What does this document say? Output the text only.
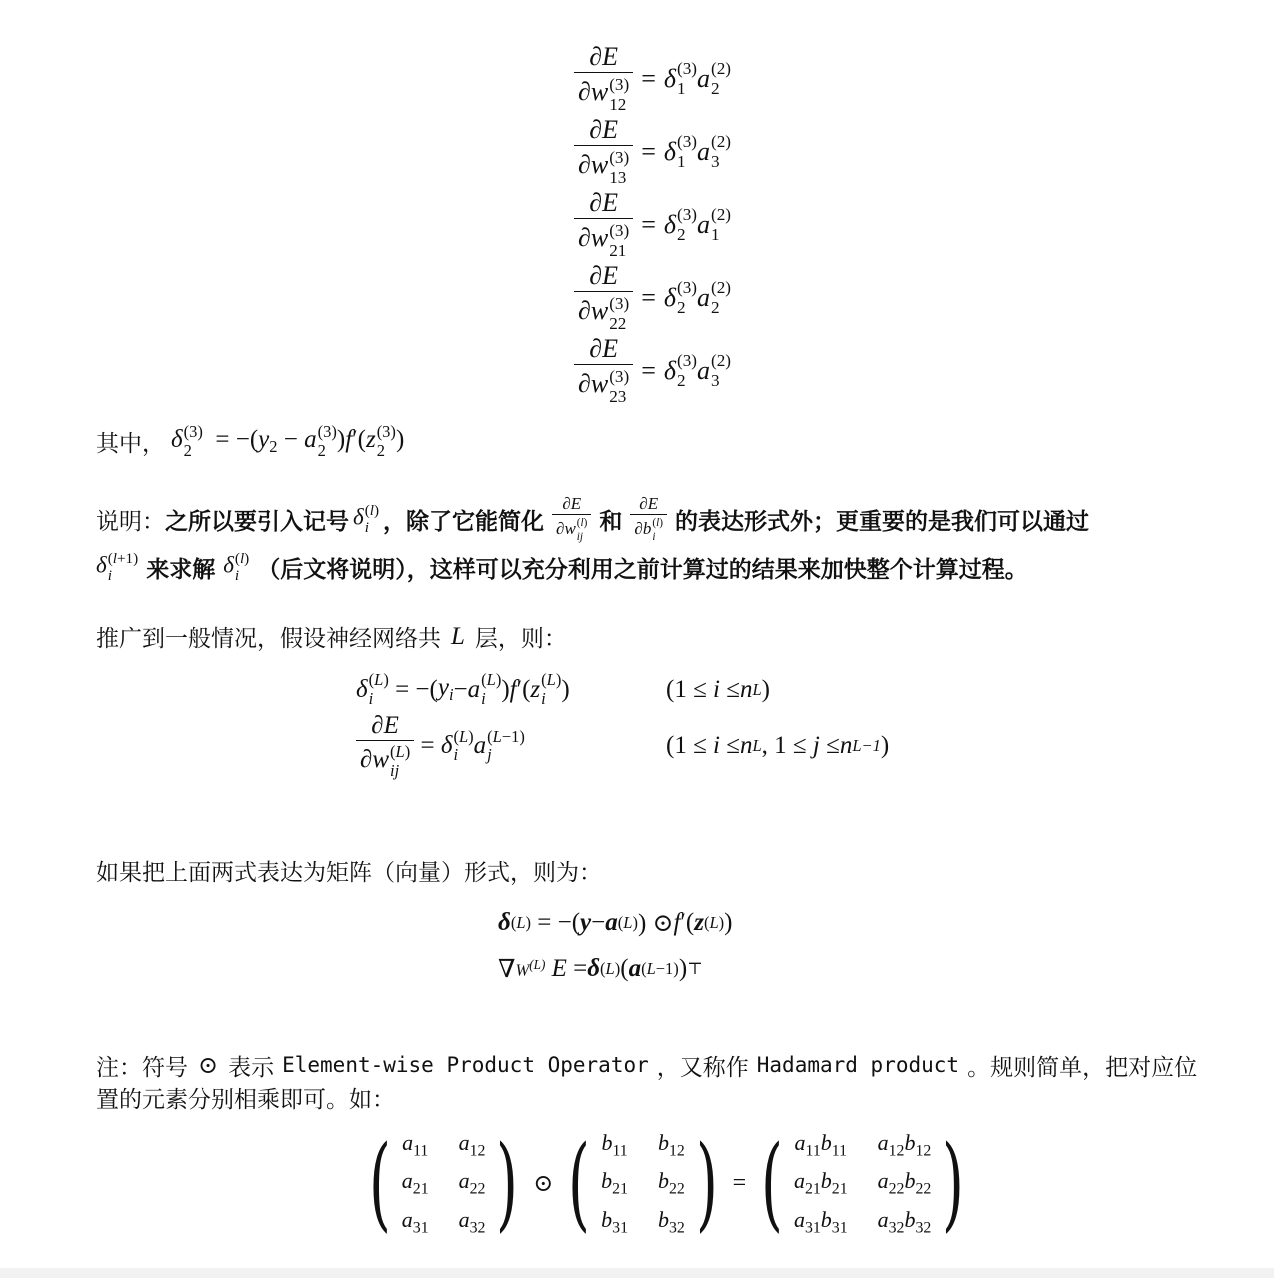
∂E
∂w (3)
12 = δ (3)
1 a (2)
2
∂E
∂w (3)
13 = δ (3)
1 a (2)
3
∂E
∂w (3)
21 = δ (3)
2 a (2)
1
∂E
∂w (3)
22 = δ (3)
2 a (2)
2
∂E
∂w (3)
23 = δ (3)
2 a (2)
3
其中， δ (3)
2 = −(y2 − a (3)
2 )f′(z (3)
2 )
说明： 之所以要引入记号 δ (l)
i ，除了它能简化 ∂E
∂w (l)
ij 和 ∂E
∂b (l)
i 的表达形式外；更重要的是我们可以通过
δ (l+1)
i	来求解 δ (l)
i （后文将说明），这样可以充分利用之前计算过的结果来加快整个计算过程。
推广到一般情况，假设神经网络共 L 层，则：
δ (L)
i = −( yi − a (L)
i ) f ′( z (L)
i )	(1 ≤ i ≤ n L )
∂E
∂w (L)
ij = δ (L)
i a (L−1)
j	(1 ≤ i ≤ n L , 1 ≤ j ≤ n L−1 )
如果把上面两式表达为矩阵（向量）形式，则为：
δ (L) = −( y − a (L) ) ⊙ f ′( z (L) )
∇ $W^{(L)}$ E = δ (L) ( a (L−1) ) ⊤
注：符号 ⊙ 表示 Element-wise Product Operator ，又称作 Hadamard product 。规则简单，把对应位
置的元素分别相乘即可。如：
( $a_{11}$ $a_{12}$
$a_{21}$ $a_{22}$
$a_{31}$ $a_{32}$ ) ⊙ ( $b_{11}$ $b_{12}$
$b_{21}$ $b_{22}$
$b_{31}$ $b_{32}$ ) = ( $a_{11}b_{11}$ $a_{12}b_{12}$
$a_{21}b_{21}$ $a_{22}b_{22}$
$a_{31}b_{31}$ $a_{32}b_{32}$ )
